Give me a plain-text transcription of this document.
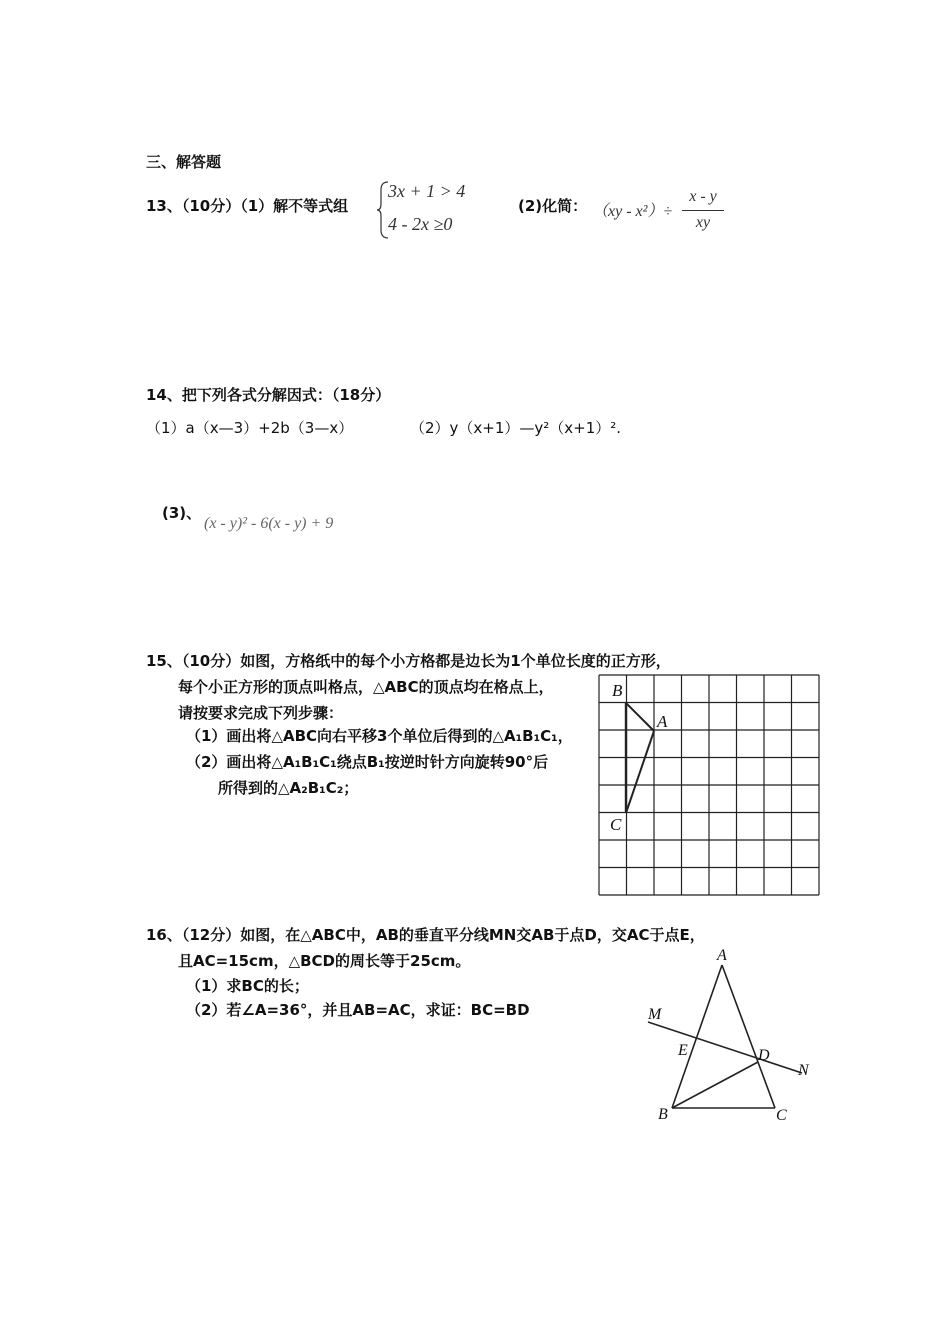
三、解答题
13、（10分）（1）解不等式组
3x + 1 > 4
4 - 2x ≥0
(2)化简： （xy - x²）÷
x - y
xy
14、把下列各式分解因式：（18分）
（1）a（x—3）+2b（3—x）	（2）y（x+1）—y²（x+1）².
(3)、
(x - y)² - 6(x - y) + 9
15、（10分）如图，方格纸中的每个小方格都是边长为1个单位长度的正方形，
每个小正方形的顶点叫格点，△ABC的顶点均在格点上，
请按要求完成下列步骤：
（1）画出将△ABC向右平移3个单位后得到的△A₁B₁C₁，
（2）画出将△A₁B₁C₁绕点B₁按逆时针方向旋转90°后
所得到的△A₂B₁C₂；
B
A
C
16、（12分）如图，在△ABC中，AB的垂直平分线MN交AB于点D，交AC于点E，
且AC=15cm，△BCD的周长等于25cm。
（1）求BC的长；
（2）若∠A=36°，并且AB=AC，求证：BC=BD
A
B	C
D
E
M
N
